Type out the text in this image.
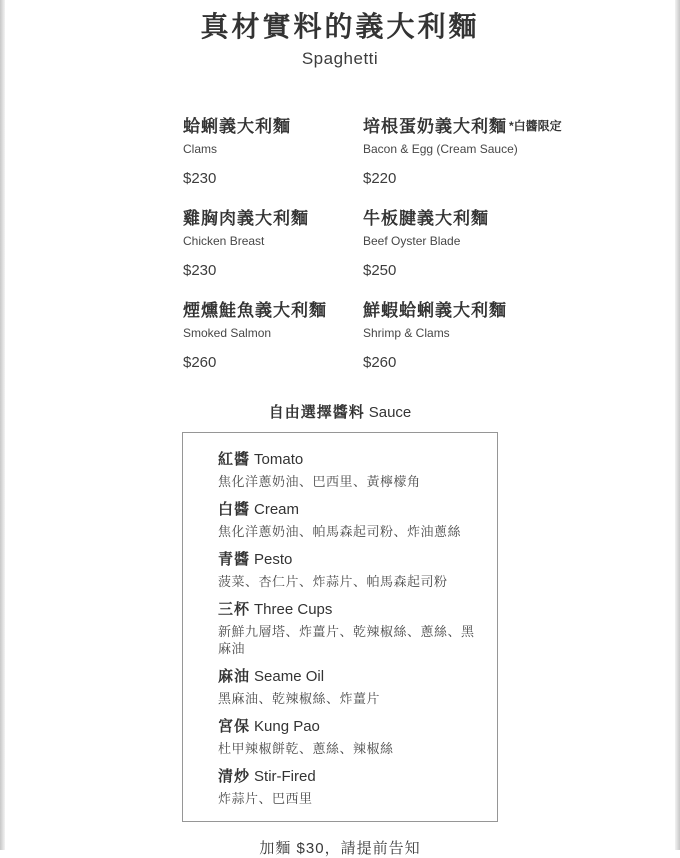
真材實料的義大利麵
Spaghetti
蛤蜊義大利麵
Clams
$230
培根蛋奶義大利麵 *白醬限定
Bacon & Egg (Cream Sauce)
$220
雞胸肉義大利麵
Chicken Breast
$230
牛板腱義大利麵
Beef Oyster Blade
$250
煙燻鮭魚義大利麵
Smoked Salmon
$260
鮮蝦蛤蜊義大利麵
Shrimp & Clams
$260
自由選擇醬料 Sauce
紅醬 Tomato
焦化洋蔥奶油、巴西里、黃檸檬角
白醬 Cream
焦化洋蔥奶油、帕馬森起司粉、炸油蔥絲
青醬 Pesto
菠菜、杏仁片、炸蒜片、帕馬森起司粉
三杯 Three Cups
新鮮九層塔、炸薑片、乾辣椒絲、蔥絲、黑麻油
麻油 Seame Oil
黑麻油、乾辣椒絲、炸薑片
宮保 Kung Pao
杜甲辣椒餅乾、蔥絲、辣椒絲
清炒 Stir-Fired
炸蒜片、巴西里
加麵 $30，請提前告知
